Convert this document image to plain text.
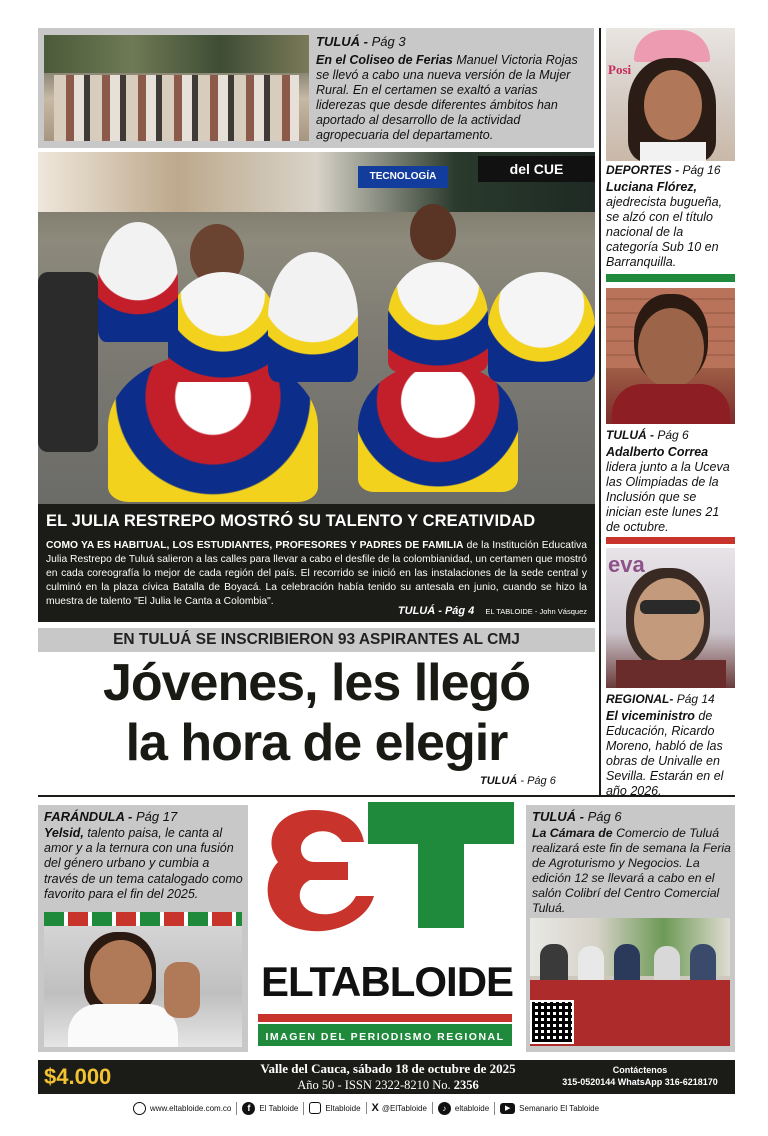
TULUÁ - Pág 3
En el Coliseo de Ferias Manuel Victoria Rojas se llevó a cabo una nueva versión de la Mujer Rural. En el certamen se exaltó a varias liderezas que desde diferentes ámbitos han aportado al desarrollo de la actividad agropecuaria del departamento.
TECNOLOGÍA	del CUE
EL JULIA RESTREPO MOSTRÓ SU TALENTO Y CREATIVIDAD
COMO YA ES HABITUAL, LOS ESTUDIANTES, PROFESORES Y PADRES DE FAMILIA de la Institución Educativa Julia Restrepo de Tuluá salieron a las calles para llevar a cabo el desfile de la colombianidad, un certamen que mostró en cada coreografía lo mejor de cada región del país. El recorrido se inició en las instalaciones de la sede central y culminó en la plaza cívica Batalla de Boyacá. La celebración había tenido su antesala en junio, cuando se hizo la muestra de talento "El Julia le Canta a Colombia".
TULUÁ - Pág 4 EL TABLOIDE - John Vásquez
EN TULUÁ SE INSCRIBIERON 93 ASPIRANTES AL CMJ
Jóvenes, les llegó
la hora de elegir
TULUÁ - Pág 6
Posi
DEPORTES - Pág 16
Luciana Flórez, ajedrecista bugueña, se alzó con el título nacional de la categoría Sub 10 en Barranquilla.
TULUÁ - Pág 6
Adalberto Correa lidera junto a la Uceva las Olimpiadas de la Inclusión que se inician este lunes 21 de octubre.
eva
REGIONAL- Pág 14
El viceministro de Educación, Ricardo Moreno, habló de las obras de Univalle en Sevilla. Estarán en el año 2026.
FARÁNDULA - Pág 17
Yelsid, talento paisa, le canta al amor y a la ternura con una fusión del género urbano y cumbia a través de un tema catalogado como favorito para el fin del 2025.
ELTABLOIDE
IMAGEN DEL PERIODISMO REGIONAL
TULUÁ - Pág 6
La Cámara de Comercio de Tuluá realizará este fin de semana la Feria de Agroturismo y Negocios. La edición 12 se llevará a cabo en el salón Colibrí del Centro Comercial Tuluá.
$4.000	Valle del Cauca, sábado 18 de octubre de 2025
Año 50 - ISSN 2322-8210 No. 2356
Contáctenos
315-0520144 WhatsApp 316-6218170
www.eltabloide.com.co	f	El Tabloide	Eltabloide X @ElTabloide	♪	eltabloide	▶	Semanario El Tabloide
